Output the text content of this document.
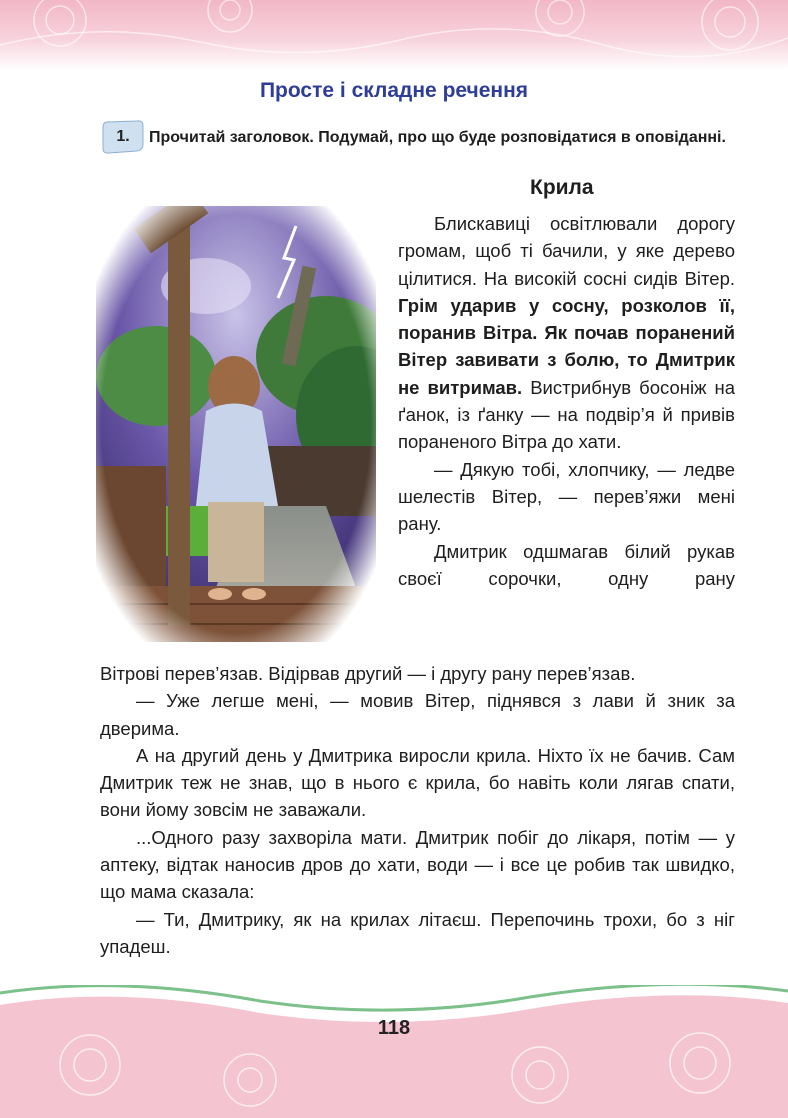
Просте і складне речення
1.	Прочитай заголовок. Подумай, про що буде розповідатися в оповіданні.
Крила

Блискавиці освітлювали дорогу громам, щоб ті бачили, у яке дерево цілитися. На високій сосні сидів Вітер. Грім ударив у сосну, розколов її, поранив Вітра. Як почав поранений Вітер завивати з болю, то Дмитрик не витримав. Вистрибнув босоніж на ґанок, із ґанку — на подвір’я й привів пораненого Вітра до хати.

— Дякую тобі, хлопчику, — ледве шелестів Вітер, — перев’яжи мені рану.

Дмитрик одшмагав білий рукав своєї сорочки, одну рану

Вітрові перев’язав. Відірвав другий — і другу рану перев’язав.

— Уже легше мені, — мовив Вітер, піднявся з лави й зник за дверима.

А на другий день у Дмитрика виросли крила. Ніхто їх не бачив. Сам Дмитрик теж не знав, що в нього є крила, бо навіть коли лягав спати, вони йому зовсім не заважали.

...Одного разу захворіла мати. Дмитрик побіг до лікаря, потім — у аптеку, відтак наносив дров до хати, води — і все це робив так швидко, що мама сказала:

— Ти, Дмитрику, як на крилах літаєш. Перепочинь трохи, бо з ніг упадеш.

118
